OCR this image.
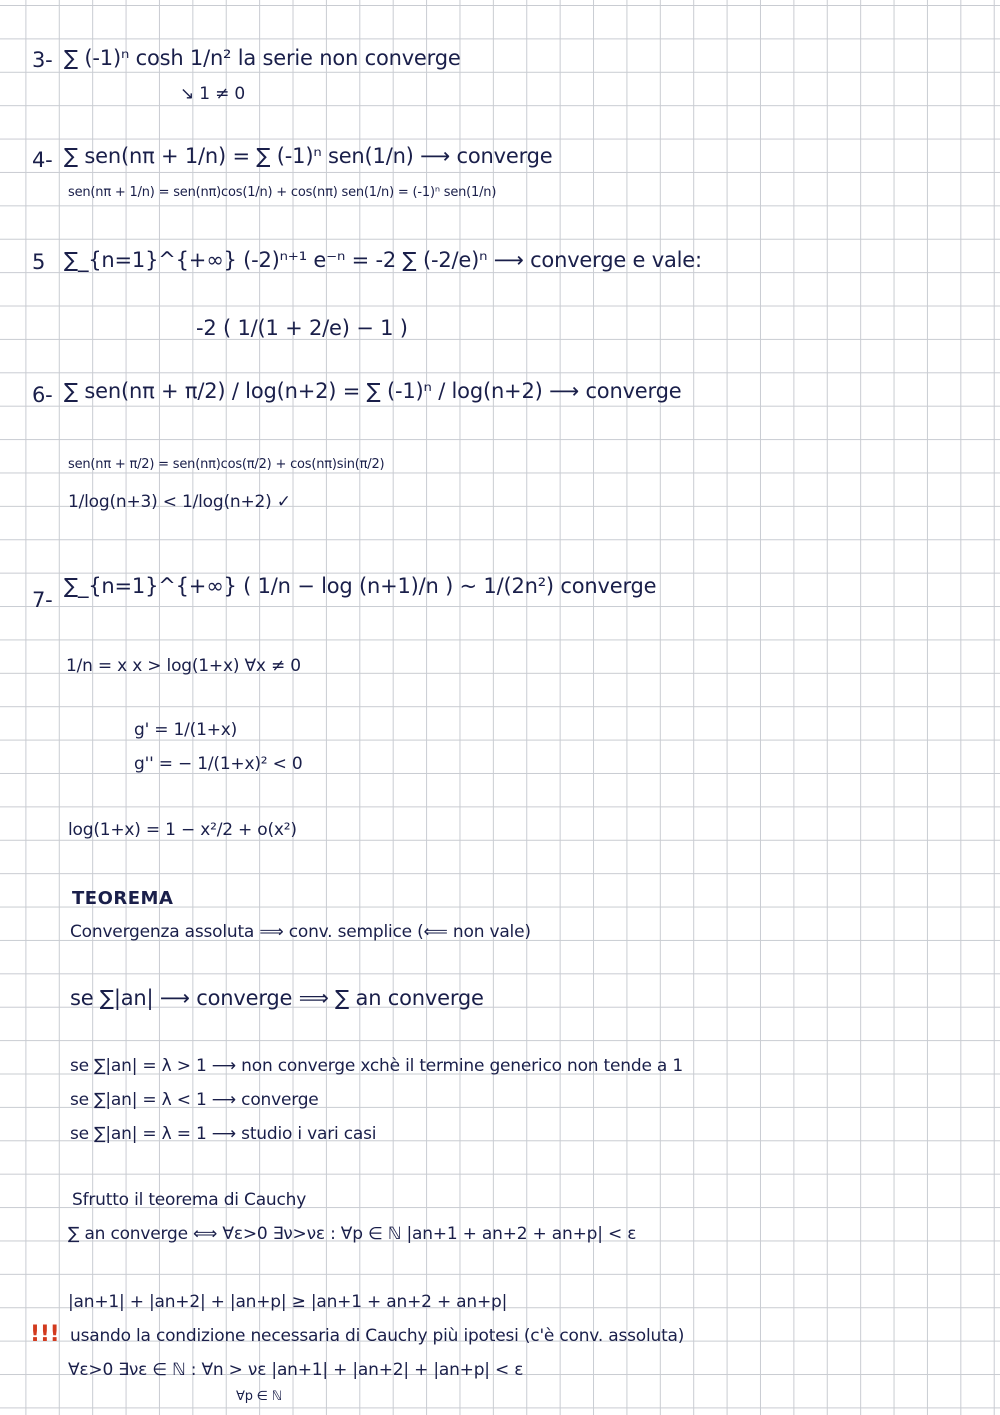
3- ∑ (-1)ⁿ cosh 1/n² la serie non converge
↘ 1 ≠ 0
4- ∑ sen(nπ + 1/n) = ∑ (-1)ⁿ sen(1/n) ⟶ converge
sen(nπ + 1/n) = sen(nπ)cos(1/n) + cos(nπ) sen(1/n) = (-1)ⁿ sen(1/n)
5 ∑_{n=1}^{+∞} (-2)ⁿ⁺¹ e⁻ⁿ = -2 ∑ (-2/e)ⁿ ⟶ converge e vale:
-2 ( 1/(1 + 2/e) − 1 )
6- ∑ sen(nπ + π/2) / log(n+2) = ∑ (-1)ⁿ / log(n+2) ⟶ converge
sen(nπ + π/2) = sen(nπ)cos(π/2) + cos(nπ)sin(π/2)
1/log(n+3) < 1/log(n+2) ✓
7-
∑_{n=1}^{+∞} ( 1/n − log (n+1)/n ) ~ 1/(2n²) converge
1/n = x x > log(1+x) ∀x ≠ 0
g' = 1/(1+x)
g'' = − 1/(1+x)² < 0
log(1+x) = 1 − x²/2 + o(x²)
TEOREMA
Convergenza assoluta ⟹ conv. semplice (⟸ non vale)
se ∑|an| ⟶ converge ⟹ ∑ an converge
se ∑|an| = λ > 1 ⟶ non converge xchè il termine generico non tende a 1
se ∑|an| = λ < 1 ⟶ converge
se ∑|an| = λ = 1 ⟶ studio i vari casi
Sfrutto il teorema di Cauchy
∑ an converge ⟺ ∀ε>0 ∃ν>νε : ∀p ∈ ℕ |an+1 + an+2 + an+p| < ε
|an+1| + |an+2| + |an+p| ≥ |an+1 + an+2 + an+p|
!!! usando la condizione necessaria di Cauchy più ipotesi (c'è conv. assoluta)
∀ε>0 ∃νε ∈ ℕ : ∀n > νε |an+1| + |an+2| + |an+p| < ε
∀p ∈ ℕ
